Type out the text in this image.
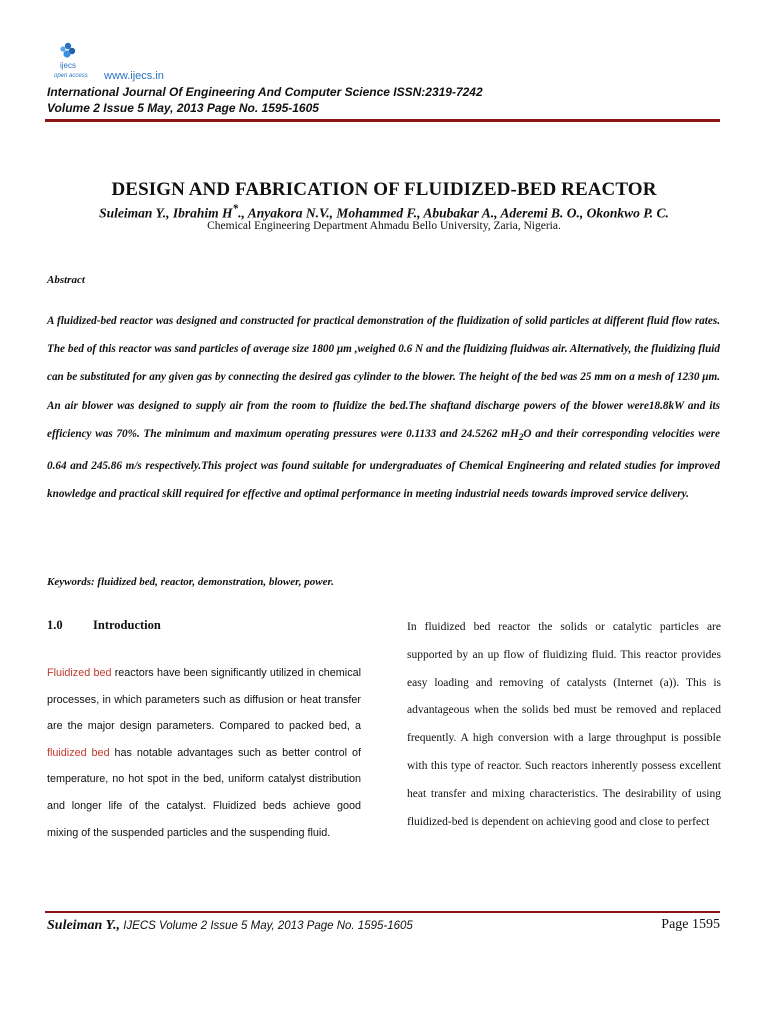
ijecs
open access www.ijecs.in
International Journal Of Engineering And Computer Science ISSN:2319-7242
Volume 2 Issue 5 May, 2013 Page No. 1595-1605
DESIGN AND FABRICATION OF FLUIDIZED-BED REACTOR
Suleiman Y., Ibrahim H*., Anyakora N.V., Mohammed F., Abubakar A., Aderemi B. O., Okonkwo P. C.
Chemical Engineering Department Ahmadu Bello University, Zaria, Nigeria.
Abstract

A fluidized-bed reactor was designed and constructed for practical demonstration of the fluidization of solid particles at different fluid flow rates. The bed of this reactor was sand particles of average size 1800 μm ,weighed 0.6 N and the fluidizing fluidwas air. Alternatively, the fluidizing fluid can be substituted for any given gas by connecting the desired gas cylinder to the blower. The height of the bed was 25 mm on a mesh of 1230 μm. An air blower was designed to supply air from the room to fluidize the bed.The shaftand discharge powers of the blower were18.8kW and its efficiency was 70%. The minimum and maximum operating pressures were 0.1133 and 24.5262 $mH_2O$ and their corresponding velocities were 0.64 and 245.86 m/s respectively.This project was found suitable for undergraduates of Chemical Engineering and related studies for improved knowledge and practical skill required for effective and optimal performance in meeting industrial needs towards improved service delivery.

Keywords: fluidized bed, reactor, demonstration, blower, power.
1.0 Introduction

Fluidized bed reactors have been significantly utilized in chemical processes, in which parameters such as diffusion or heat transfer are the major design parameters. Compared to packed bed, a fluidized bed has notable advantages such as better control of temperature, no hot spot in the bed, uniform catalyst distribution and longer life of the catalyst. Fluidized beds achieve good mixing of the suspended particles and the suspending fluid.

In fluidized bed reactor the solids or catalytic particles are supported by an up flow of fluidizing fluid. This reactor provides easy loading and removing of catalysts (Internet (a)). This is advantageous when the solids bed must be removed and replaced frequently. A high conversion with a large throughput is possible with this type of reactor. Such reactors inherently possess excellent heat transfer and mixing characteristics. The desirability of using fluidized-bed is dependent on achieving good and close to perfect

Suleiman Y., IJECS Volume 2 Issue 5 May, 2013 Page No. 1595-1605	Page 1595
